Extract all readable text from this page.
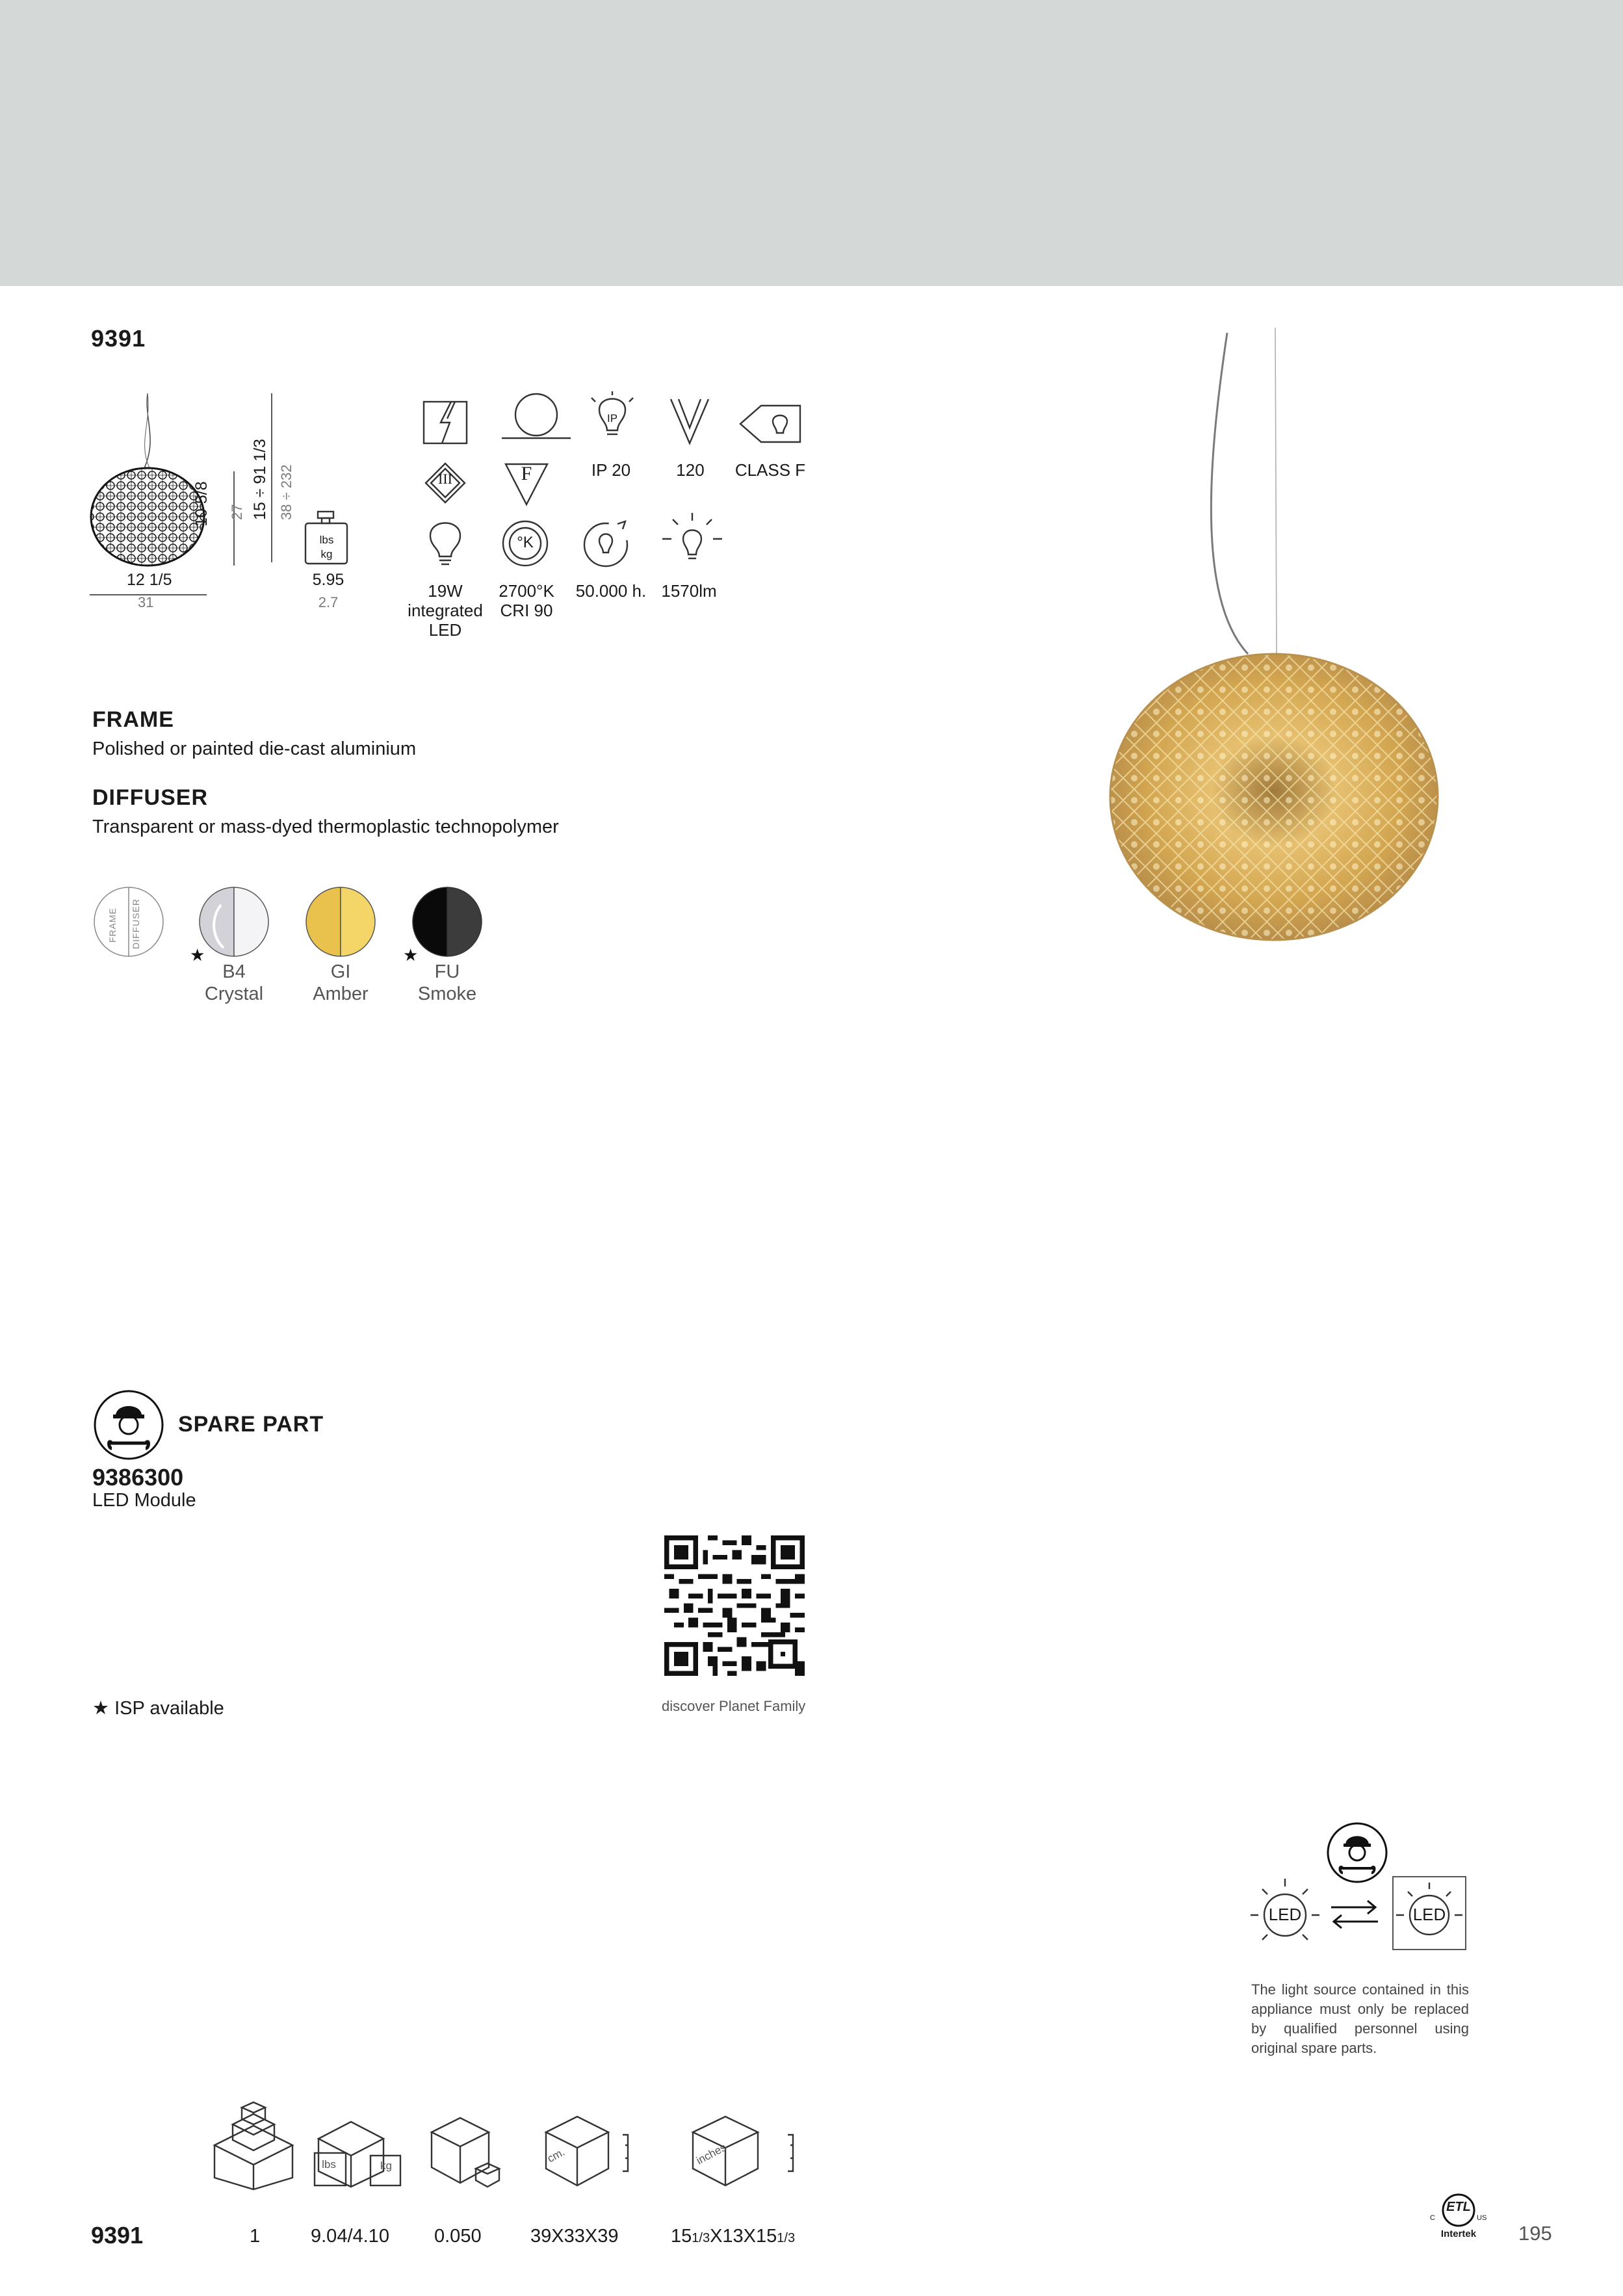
9391
12 1/5
31
10 5/8 27 15 ÷ 91 1/3 38 ÷ 232
lbs
kg
5.95
2.7
IP
IP 20	120	CLASS F
III	F
°K
19W
integrated
LED
2700°K
CRI 90
50.000 h. 1570lm
FRAME
Polished or painted die-cast aluminium
DIFFUSER
Transparent or mass-dyed thermoplastic technopolymer
FRAME DIFFUSER
★
B4
Crystal
GI
Amber
★
FU
Smoke
SPARE PART
9386300
LED Module
discover Planet Family
★ ISP available
LED	LED
The light source contained in this appliance must only be replaced by qualified personnel using original spare parts.
lbs	kg
cm.	inches
9391	1	9.04/4.10 0.050	39X33X39	151/3X13X151/3
ETL
C	US
Intertek	195
